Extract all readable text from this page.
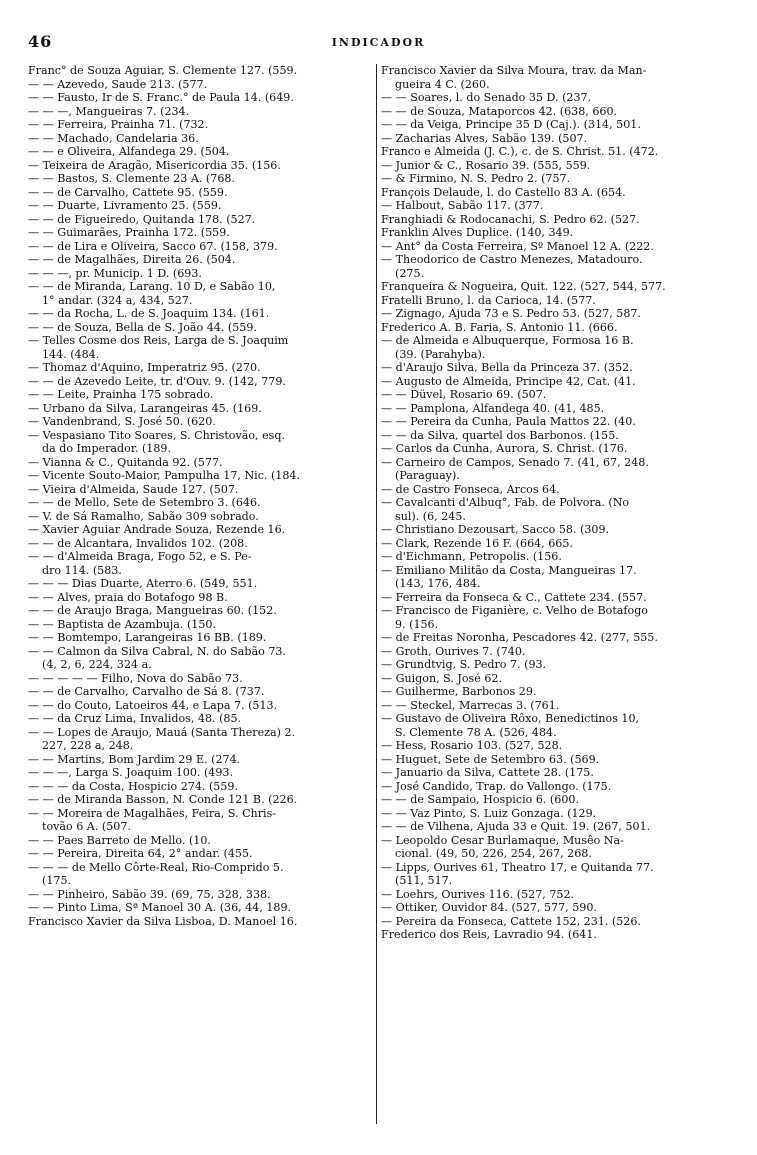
46	INDICADOR
Franc° de Souza Aguiar, S. Clemente 127. (559.
— — Azevedo, Saude 213. (577.
— — Fausto, Ir de S. Franc.° de Paula 14. (649.
— — —, Mangueiras 7. (234.
— — Ferreira, Prainha 71. (732.
— — Machado, Candelaria 36.
— — e Oliveira, Alfandega 29. (504.
— Teixeira de Aragão, Misericordia 35. (156.
— — Bastos, S. Clemente 23 A. (768.
— — de Carvalho, Cattete 95. (559.
— — Duarte, Livramento 25. (559.
— — de Figueiredo, Quitanda 178. (527.
— — Guimarães, Prainha 172. (559.
— — de Lira e Oliveira, Sacco 67. (158, 379.
— — de Magalhães, Direita 26. (504.
— — —, pr. Municip. 1 D. (693.
— — de Miranda, Larang. 10 D, e Sabão 10,
1° andar. (324 a, 434, 527.
— — da Rocha, L. de S. Joaquim 134. (161.
— — de Souza, Bella de S. João 44. (559.
— Telles Cosme dos Reis, Larga de S. Joaquim
144. (484.
— Thomaz d'Aquino, Imperatriz 95. (270.
— — de Azevedo Leite, tr. d'Ouv. 9. (142, 779.
— — Leite, Prainha 175 sobrado.
— Urbano da Silva, Larangeiras 45. (169.
— Vandenbrand, S. José 50. (620.
— Vespasiano Tito Soares, S. Christovão, esq.
da do Imperador. (189.
— Vianna & C., Quitanda 92. (577.
— Vicente Souto-Maior, Pampulha 17, Nic. (184.
— Vieira d'Almeida, Saude 127. (507.
— — de Mello, Sete de Setembro 3. (646.
— V. de Sá Ramalho, Sabão 309 sobrado.
— Xavier Aguiar Andrade Souza, Rezende 16.
— — de Alcantara, Invalidos 102. (208.
— — d'Almeida Braga, Fogo 52, e S. Pe-
dro 114. (583.
— — — Dias Duarte, Aterro 6. (549, 551.
— — Alves, praia do Botafogo 98 B.
— — de Araujo Braga, Mangueiras 60. (152.
— — Baptista de Azambuja. (150.
— — Bomtempo, Larangeiras 16 BB. (189.
— — Calmon da Silva Cabral, N. do Sabão 73.
(4, 2, 6, 224, 324 a.
— — — — — Filho, Nova do Sabão 73.
— — de Carvalho, Carvalho de Sá 8. (737.
— — do Couto, Latoeiros 44, e Lapa 7. (513.
— — da Cruz Lima, Invalidos, 48. (85.
— — Lopes de Araujo, Mauá (Santa Thereza) 2.
227, 228 a, 248.
— — Martins, Bom Jardim 29 E. (274.
— — —, Larga S. Joaquim 100. (493.
— — — da Costa, Hospicio 274. (559.
— — de Miranda Basson, N. Conde 121 B. (226.
— — Moreira de Magalhães, Feira, S. Chris-
tovão 6 A. (507.
— — Paes Barreto de Mello. (10.
— — Pereira, Direita 64, 2° andar. (455.
— — — de Mello Côrte-Real, Rio-Comprido 5.
(175.
— — Pinheiro, Sabão 39. (69, 75, 328, 338.
— — Pinto Lima, Sª Manoel 30 A. (36, 44, 189.
Francisco Xavier da Silva Lisboa, D. Manoel 16.
Francisco Xavier da Silva Moura, trav. da Man-
gueira 4 C. (260.
— — Soares, l. do Senado 35 D. (237.
— — de Souza, Mataporcos 42. (638, 660.
— — da Veiga, Principe 35 D (Caj.). (314, 501.
— Zacharias Alves, Sabão 139. (507.
Franco e Almeida (J. C.), c. de S. Christ. 51. (472.
— Junior & C., Rosario 39. (555, 559.
— & Firmino, N. S. Pedro 2. (757.
François Delaude, l. do Castello 83 A. (654.
— Halbout, Sabão 117. (377.
Franghiadi & Rodocanachi, S. Pedro 62. (527.
Franklin Alves Duplice. (140, 349.
— Ant° da Costa Ferreira, Sº Manoel 12 A. (222.
— Theodorico de Castro Menezes, Matadouro.
(275.
Franqueira & Nogueira, Quit. 122. (527, 544, 577.
Fratelli Bruno, l. da Carioca, 14. (577.
— Zignago, Ajuda 73 e S. Pedro 53. (527, 587.
Frederico A. B. Faria, S. Antonio 11. (666.
— de Almeida e Albuquerque, Formosa 16 B.
(39. (Parahyba).
— d'Araujo Silva, Bella da Princeza 37. (352.
— Augusto de Almeida, Principe 42, Cat. (41.
— — Düvel, Rosario 69. (507.
— — Pamplona, Alfandega 40. (41, 485.
— — Pereira da Cunha, Paula Mattos 22. (40.
— — da Silva, quartel dos Barbonos. (155.
— Carlos da Cunha, Aurora, S. Christ. (176.
— Carneiro de Campos, Senado 7. (41, 67, 248.
(Paraguay).
— de Castro Fonseca, Arcos 64.
— Cavalcanti d'Albuq°, Fab. de Polvora. (No
sul). (6, 245.
— Christiano Dezousart, Sacco 58. (309.
— Clark, Rezende 16 F. (664, 665.
— d'Eichmann, Petropolis. (156.
— Emiliano Militão da Costa, Mangueiras 17.
(143, 176, 484.
— Ferreira da Fonseca & C., Cattete 234. (557.
— Francisco de Figanière, c. Velho de Botafogo
9. (156.
— de Freitas Noronha, Pescadores 42. (277, 555.
— Groth, Ourives 7. (740.
— Grundtvig, S. Pedro 7. (93.
— Guigon, S. José 62.
— Guilherme, Barbonos 29.
— — Steckel, Marrecas 3. (761.
— Gustavo de Oliveira Rôxo, Benedictinos 10,
S. Clemente 78 A. (526, 484.
— Hess, Rosario 103. (527, 528.
— Huguet, Sete de Setembro 63. (569.
— Januario da Silva, Cattete 28. (175.
— José Candido, Trap. do Vallongo. (175.
— — de Sampaio, Hospicio 6. (600.
— — Vaz Pinto, S. Luiz Gonzaga. (129.
— — de Vilhena, Ajuda 33 e Quit. 19. (267, 501.
— Leopoldo Cesar Burlamaque, Musêo Na-
cional. (49, 50, 226, 254, 267, 268.
— Lipps, Ourives 61, Theatro 17, e Quitanda 77.
(511, 517.
— Loehrs, Ourives 116. (527, 752.
— Ottiker, Ouvidor 84. (527, 577, 590.
— Pereira da Fonseca, Cattete 152, 231. (526.
Frederico dos Reis, Lavradio 94. (641.
